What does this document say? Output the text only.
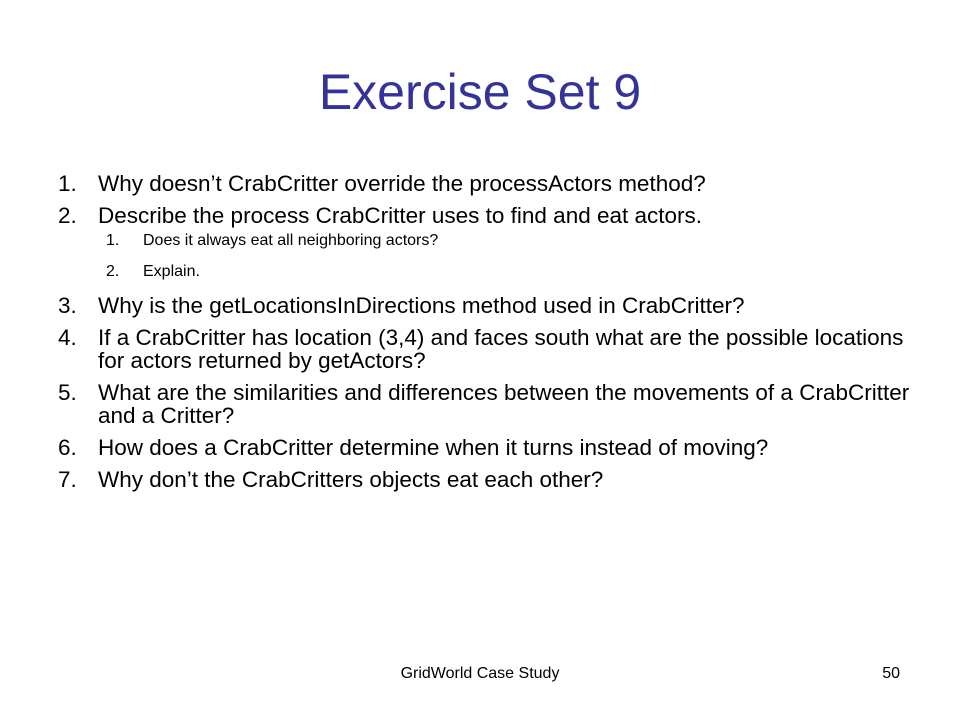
Exercise Set 9
1. Why doesn’t CrabCritter override the processActors method?
2. Describe the process CrabCritter uses to find and eat actors.
1. Does it always eat all neighboring actors?
2. Explain.
3. Why is the getLocationsInDirections method used in CrabCritter?
4. If a CrabCritter has location (3,4) and faces south what are the possible locations for actors returned by getActors?
5. What are the similarities and differences between the movements of a CrabCritter and a Critter?
6. How does a CrabCritter determine when it turns instead of moving?
7. Why don’t the CrabCritters objects eat each other?
GridWorld Case Study	50
